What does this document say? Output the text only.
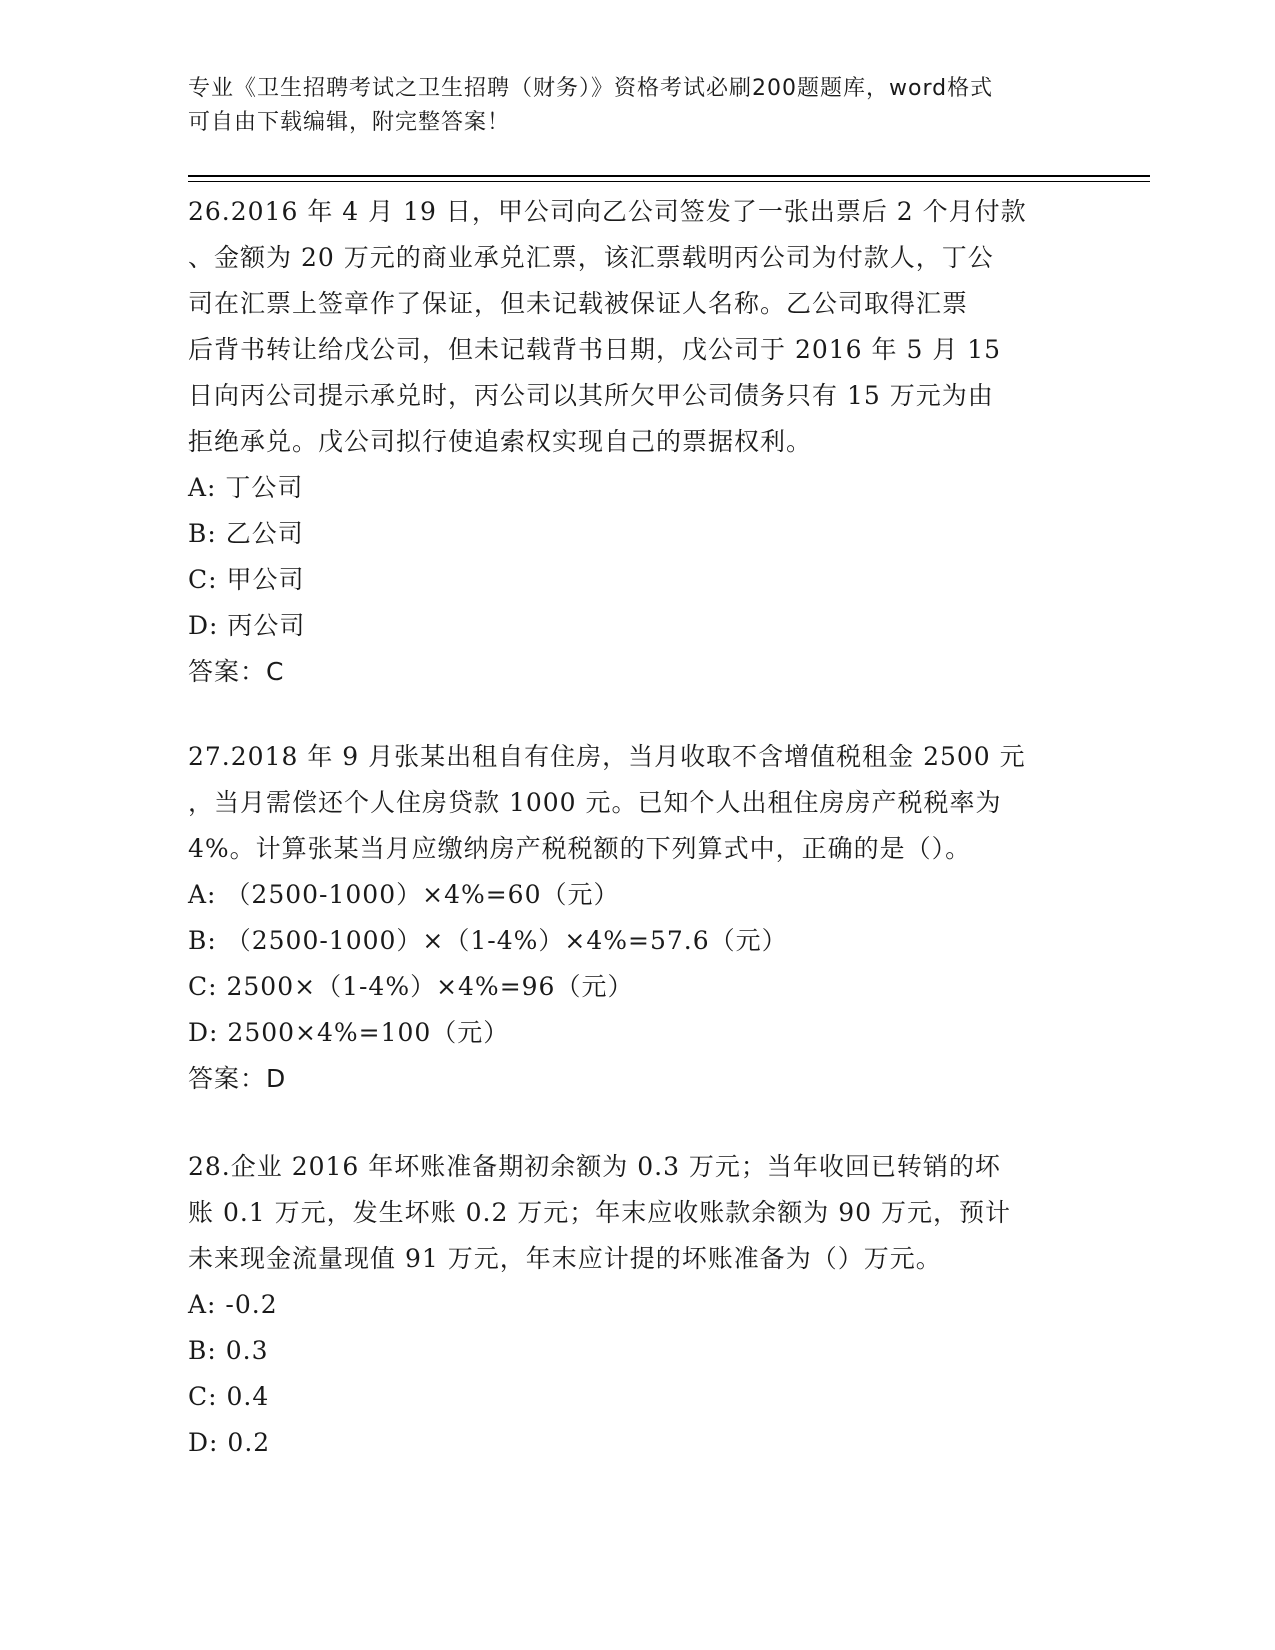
专业《卫生招聘考试之卫生招聘（财务）》资格考试必刷200题题库，word格式
可自由下载编辑，附完整答案！
26.2016 年 4 月 19 日，甲公司向乙公司签发了一张出票后 2 个月付款
、金额为 20 万元的商业承兑汇票，该汇票载明丙公司为付款人，丁公
司在汇票上签章作了保证，但未记载被保证人名称。乙公司取得汇票
后背书转让给戊公司，但未记载背书日期，戊公司于 2016 年 5 月 15
日向丙公司提示承兑时，丙公司以其所欠甲公司债务只有 15 万元为由
拒绝承兑。戊公司拟行使追索权实现自己的票据权利。
A: 丁公司
B: 乙公司
C: 甲公司
D: 丙公司
答案：C
27.2018 年 9 月张某出租自有住房，当月收取不含增值税租金 2500 元
，当月需偿还个人住房贷款 1000 元。已知个人出租住房房产税税率为
4%。计算张某当月应缴纳房产税税额的下列算式中，正确的是（）。
A: （2500-1000）×4%=60（元）
B: （2500-1000）×（1-4%）×4%=57.6（元）
C: 2500×（1-4%）×4%=96（元）
D: 2500×4%=100（元）
答案：D
28.企业 2016 年坏账准备期初余额为 0.3 万元；当年收回已转销的坏
账 0.1 万元，发生坏账 0.2 万元；年末应收账款余额为 90 万元，预计
未来现金流量现值 91 万元，年末应计提的坏账准备为（）万元。
A: -0.2
B: 0.3
C: 0.4
D: 0.2
